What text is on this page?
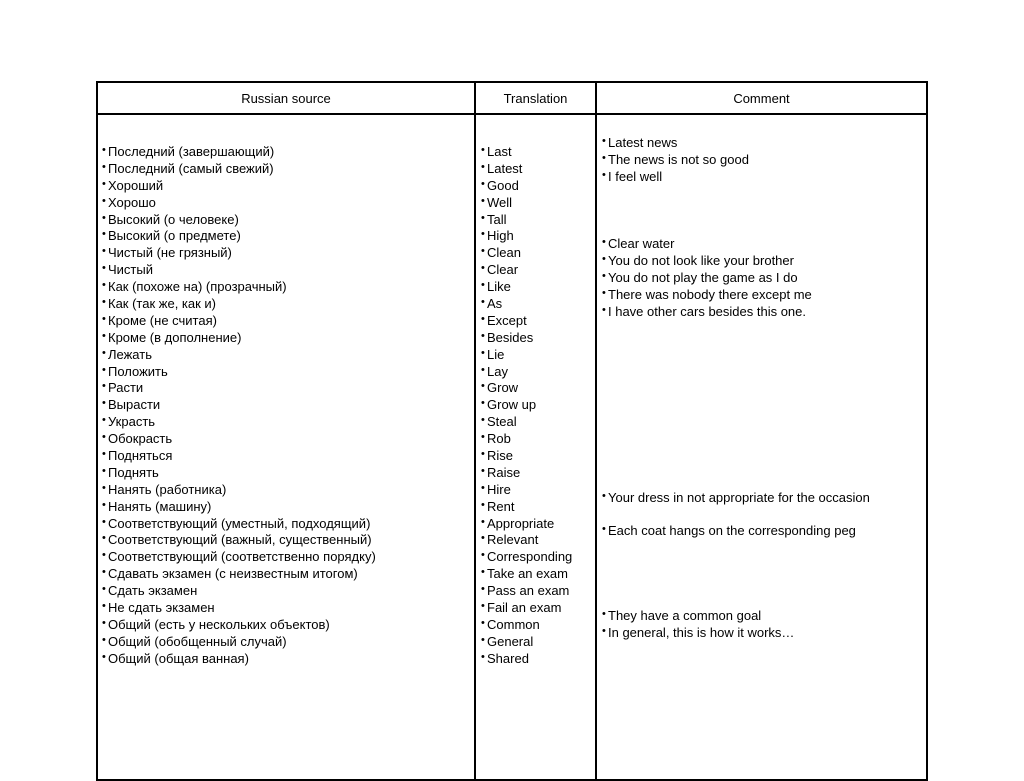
Russian source	Translation	Comment
• Последний (завершающий)
• Последний (самый свежий)
• Хороший
• Хорошо
• Высокий (о человеке)
• Высокий (о предмете)
• Чистый (не грязный)
• Чистый
• Как (похоже на) (прозрачный)
• Как (так же, как и)
• Кроме (не считая)
• Кроме (в дополнение)
• Лежать
• Положить
• Расти
• Вырасти
• Украсть
• Обокрасть
• Подняться
• Поднять
• Нанять (работника)
• Нанять (машину)
• Соответствующий (уместный, подходящий)
• Соответствующий (важный, существенный)
• Соответствующий (соответственно порядку)
• Сдавать экзамен (с неизвестным итогом)
• Сдать экзамен
• Не сдать экзамен
• Общий (есть у нескольких объектов)
• Общий (обобщенный случай)
• Общий (общая ванная)
• Last
• Latest
• Good
• Well
• Tall
• High
• Clean
• Clear
• Like
• As
• Except
• Besides
• Lie
• Lay
• Grow
• Grow up
• Steal
• Rob
• Rise
• Raise
• Hire
• Rent
• Appropriate
• Relevant
• Corresponding
• Take an exam
• Pass an exam
• Fail an exam
• Common
• General
• Shared
• Latest news
• The news is not so good
• I feel well
• Clear water
• You do not look like your brother
• You do not play the game as I do
• There was nobody there except me
• I have other cars besides this one.
• Your dress in not appropriate for the occasion
• Each coat hangs on the corresponding peg
• They have a common goal
• In general, this is how it works…
